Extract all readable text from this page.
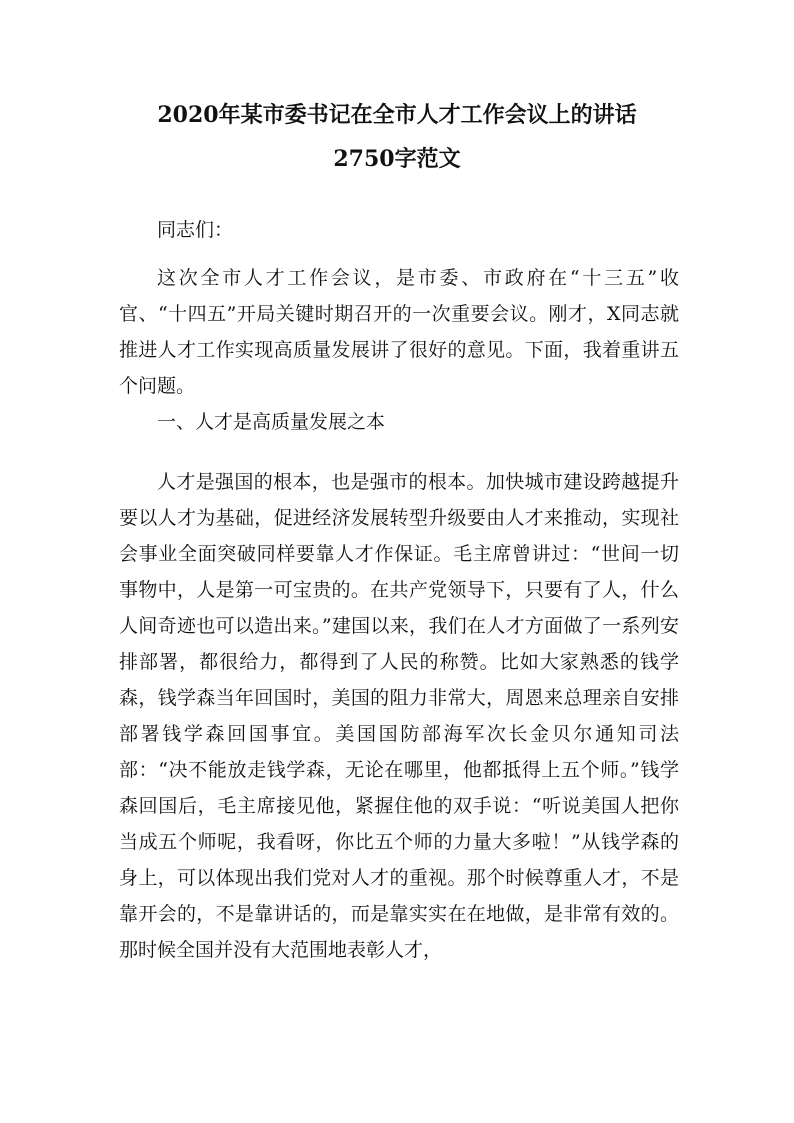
2020年某市委书记在全市人才工作会议上的讲话
2750字范文

同志们：

这次全市人才工作会议，是市委、市政府在“十三五”收官、“十四五”开局关键时期召开的一次重要会议。刚才，X同志就推进人才工作实现高质量发展讲了很好的意见。下面，我着重讲五个问题。

一、人才是高质量发展之本

人才是强国的根本，也是强市的根本。加快城市建设跨越提升要以人才为基础，促进经济发展转型升级要由人才来推动，实现社会事业全面突破同样要靠人才作保证。毛主席曾讲过：“世间一切事物中，人是第一可宝贵的。在共产党领导下，只要有了人，什么人间奇迹也可以造出来。”建国以来，我们在人才方面做了一系列安排部署，都很给力，都得到了人民的称赞。比如大家熟悉的钱学森，钱学森当年回国时，美国的阻力非常大，周恩来总理亲自安排部署钱学森回国事宜。美国国防部海军次长金贝尔通知司法部：“决不能放走钱学森，无论在哪里，他都抵得上五个师。”钱学森回国后，毛主席接见他，紧握住他的双手说：“听说美国人把你当成五个师呢，我看呀，你比五个师的力量大多啦！”从钱学森的身上，可以体现出我们党对人才的重视。那个时候尊重人才，不是靠开会的，不是靠讲话的，而是靠实实在在地做，是非常有效的。那时候全国并没有大范围地表彰人才，
